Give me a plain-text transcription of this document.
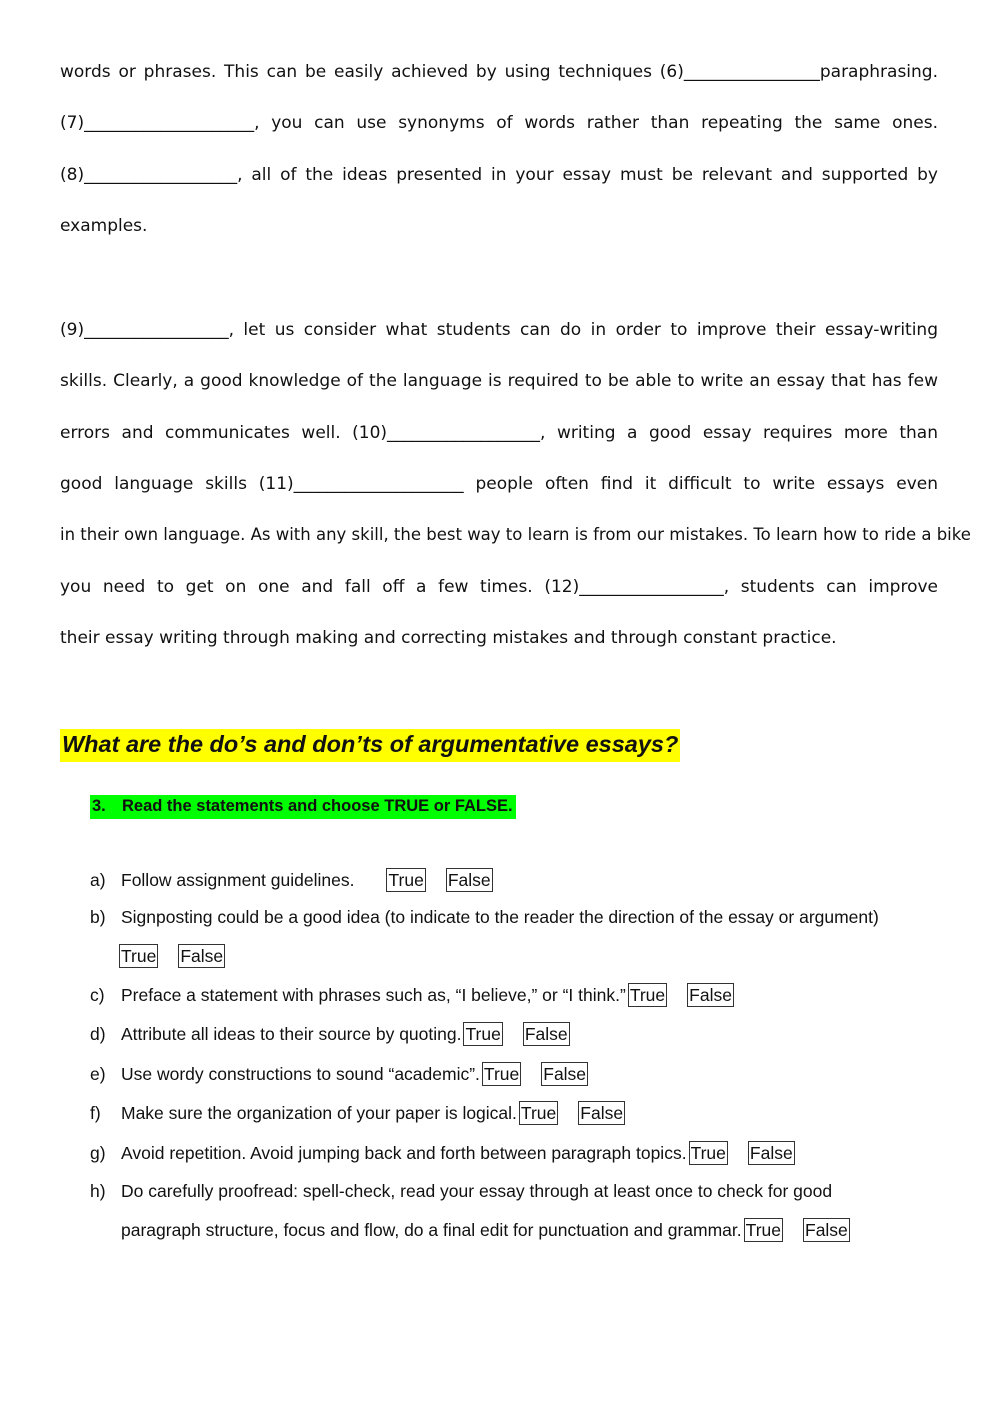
words or phrases. This can be easily achieved by using techniques (6)________________paraphrasing.
(7)____________________, you can use synonyms of words rather than repeating the same ones.
(8)__________________, all of the ideas presented in your essay must be relevant and supported by
examples.
(9)_________________, let us consider what students can do in order to improve their essay-writing
skills. Clearly, a good knowledge of the language is required to be able to write an essay that has few
errors and communicates well. (10)__________________, writing a good essay requires more than
good language skills (11)____________________ people often find it difficult to write essays even
in their own language. As with any skill, the best way to learn is from our mistakes. To learn how to ride a bike
you need to get on one and fall off a few times. (12)_________________, students can improve
their essay writing through making and correcting mistakes and through constant practice.
What are the do’s and don’ts of argumentative essays?
3. Read the statements and choose TRUE or FALSE.
a) Follow assignment guidelines. True False
b) Signposting could be a good idea (to indicate to the reader the direction of the essay or argument)
True False
c) Preface a statement with phrases such as, “I believe,” or “I think.” True False
d) Attribute all ideas to their source by quoting. True False
e) Use wordy constructions to sound “academic”. True False
f) Make sure the organization of your paper is logical. True False
g) Avoid repetition. Avoid jumping back and forth between paragraph topics. True False
h) Do carefully proofread: spell-check, read your essay through at least once to check for good
paragraph structure, focus and flow, do a final edit for punctuation and grammar. True False
